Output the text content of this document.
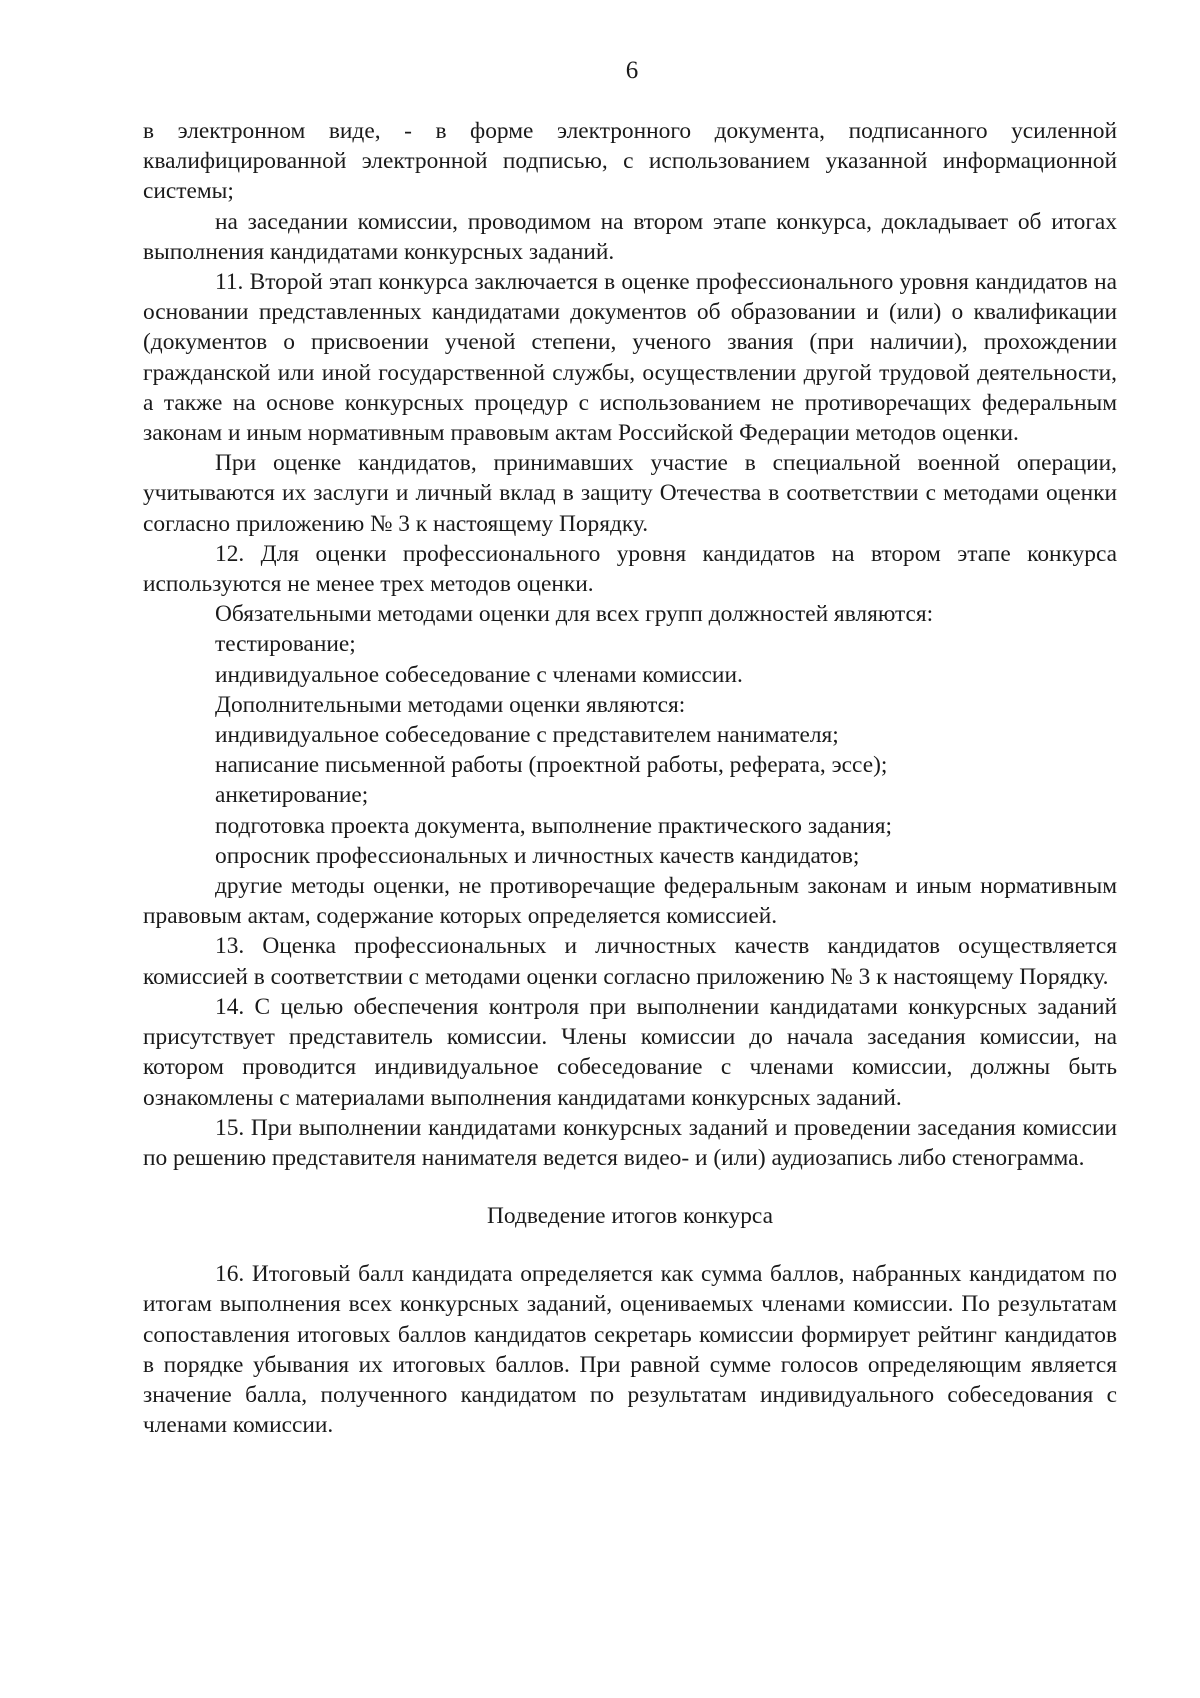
6

в электронном виде, - в форме электронного документа, подписанного усиленной квалифицированной электронной подписью, с использованием указанной информационной системы;

на заседании комиссии, проводимом на втором этапе конкурса, докладывает об итогах выполнения кандидатами конкурсных заданий.

11. Второй этап конкурса заключается в оценке профессионального уровня кандидатов на основании представленных кандидатами документов об образовании и (или) о квалификации (документов о присвоении ученой степени, ученого звания (при наличии), прохождении гражданской или иной государственной службы, осуществлении другой трудовой деятельности, а также на основе конкурсных процедур с использованием не противоречащих федеральным законам и иным нормативным правовым актам Российской Федерации методов оценки.

При оценке кандидатов, принимавших участие в специальной военной операции, учитываются их заслуги и личный вклад в защиту Отечества в соответствии с методами оценки согласно приложению № 3 к настоящему Порядку.

12. Для оценки профессионального уровня кандидатов на втором этапе конкурса используются не менее трех методов оценки.

Обязательными методами оценки для всех групп должностей являются:

тестирование;

индивидуальное собеседование с членами комиссии.

Дополнительными методами оценки являются:

индивидуальное собеседование с представителем нанимателя;

написание письменной работы (проектной работы, реферата, эссе);

анкетирование;

подготовка проекта документа, выполнение практического задания;

опросник профессиональных и личностных качеств кандидатов;

другие методы оценки, не противоречащие федеральным законам и иным нормативным правовым актам, содержание которых определяется комиссией.

13. Оценка профессиональных и личностных качеств кандидатов осуществляется комиссией в соответствии с методами оценки согласно приложению № 3 к настоящему Порядку.

14. С целью обеспечения контроля при выполнении кандидатами конкурсных заданий присутствует представитель комиссии. Члены комиссии до начала заседания комиссии, на котором проводится индивидуальное собеседование с членами комиссии, должны быть ознакомлены с материалами выполнения кандидатами конкурсных заданий.

15. При выполнении кандидатами конкурсных заданий и проведении заседания комиссии по решению представителя нанимателя ведется видео- и (или) аудиозапись либо стенограмма.

Подведение итогов конкурса

16. Итоговый балл кандидата определяется как сумма баллов, набранных кандидатом по итогам выполнения всех конкурсных заданий, оцениваемых членами комиссии. По результатам сопоставления итоговых баллов кандидатов секретарь комиссии формирует рейтинг кандидатов в порядке убывания их итоговых баллов. При равной сумме голосов определяющим является значение балла, полученного кандидатом по результатам индивидуального собеседования с членами комиссии.
